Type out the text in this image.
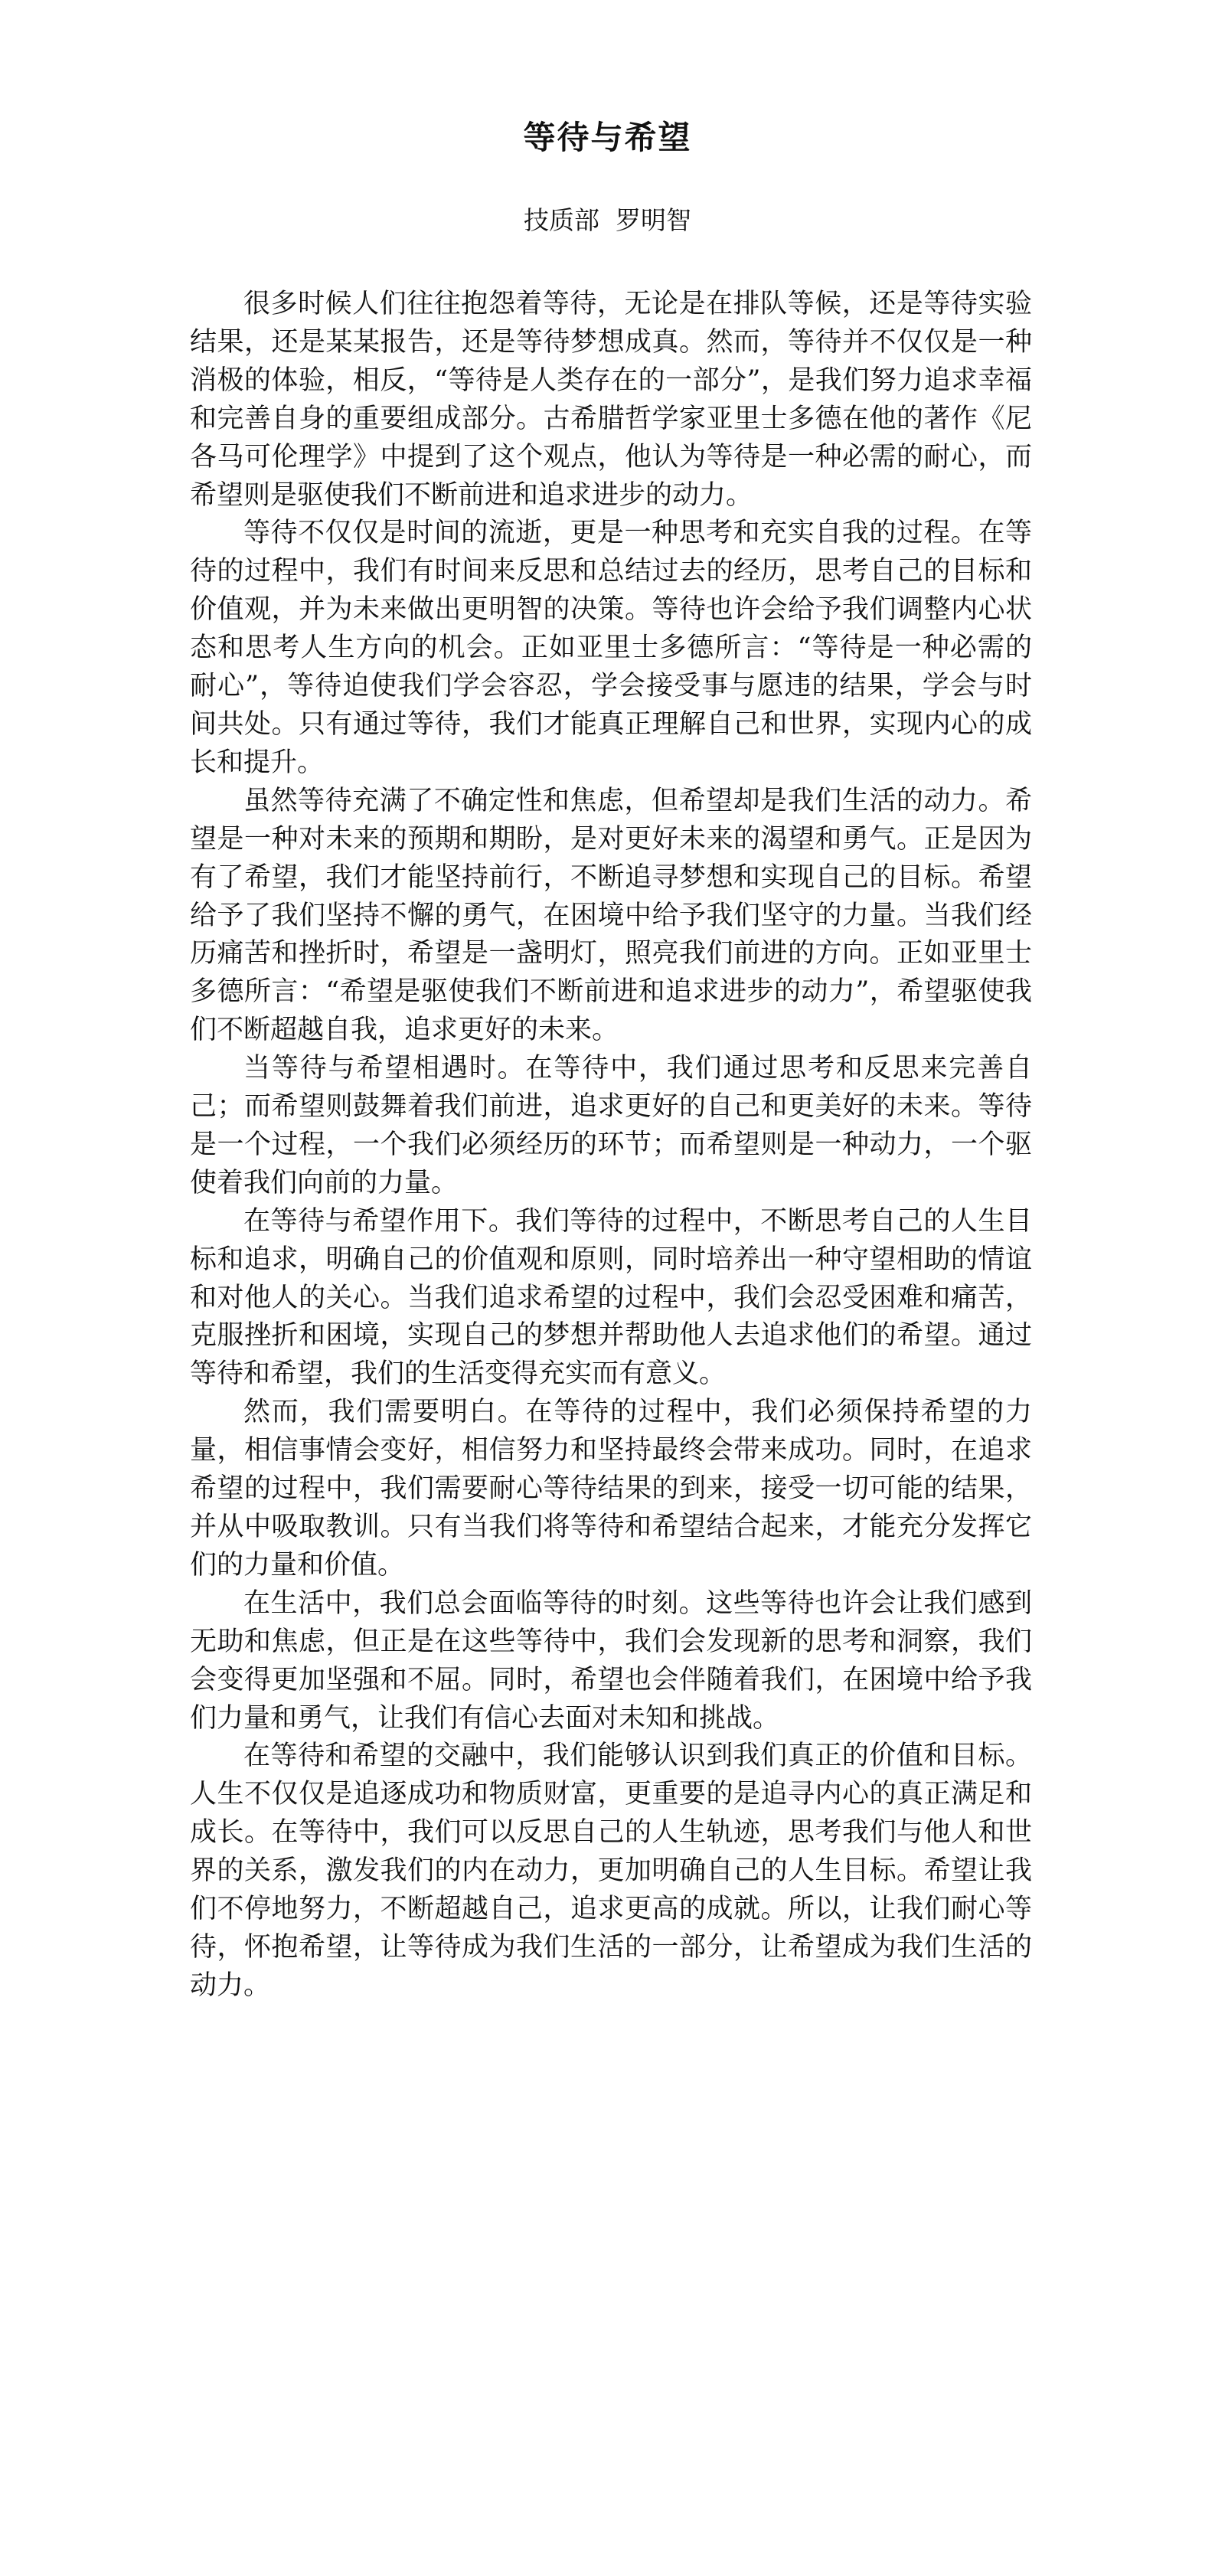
等待与希望
技质部  罗明智

很多时候人们往往抱怨着等待，无论是在排队等候，还是等待实验结果，还是某某报告，还是等待梦想成真。然而，等待并不仅仅是一种消极的体验，相反，“等待是人类存在的一部分”，是我们努力追求幸福和完善自身的重要组成部分。古希腊哲学家亚里士多德在他的著作《尼各马可伦理学》中提到了这个观点，他认为等待是一种必需的耐心，而希望则是驱使我们不断前进和追求进步的动力。

等待不仅仅是时间的流逝，更是一种思考和充实自我的过程。在等待的过程中，我们有时间来反思和总结过去的经历，思考自己的目标和价值观，并为未来做出更明智的决策。等待也许会给予我们调整内心状态和思考人生方向的机会。正如亚里士多德所言：“等待是一种必需的耐心”，等待迫使我们学会容忍，学会接受事与愿违的结果，学会与时间共处。只有通过等待，我们才能真正理解自己和世界，实现内心的成长和提升。

虽然等待充满了不确定性和焦虑，但希望却是我们生活的动力。希望是一种对未来的预期和期盼，是对更好未来的渴望和勇气。正是因为有了希望，我们才能坚持前行，不断追寻梦想和实现自己的目标。希望给予了我们坚持不懈的勇气，在困境中给予我们坚守的力量。当我们经历痛苦和挫折时，希望是一盏明灯，照亮我们前进的方向。正如亚里士多德所言：“希望是驱使我们不断前进和追求进步的动力”，希望驱使我们不断超越自我，追求更好的未来。

当等待与希望相遇时。在等待中，我们通过思考和反思来完善自己；而希望则鼓舞着我们前进，追求更好的自己和更美好的未来。等待是一个过程，一个我们必须经历的环节；而希望则是一种动力，一个驱使着我们向前的力量。

在等待与希望作用下。我们等待的过程中，不断思考自己的人生目标和追求，明确自己的价值观和原则，同时培养出一种守望相助的情谊和对他人的关心。当我们追求希望的过程中，我们会忍受困难和痛苦，克服挫折和困境，实现自己的梦想并帮助他人去追求他们的希望。通过等待和希望，我们的生活变得充实而有意义。

然而，我们需要明白。在等待的过程中，我们必须保持希望的力量，相信事情会变好，相信努力和坚持最终会带来成功。同时，在追求希望的过程中，我们需要耐心等待结果的到来，接受一切可能的结果，并从中吸取教训。只有当我们将等待和希望结合起来，才能充分发挥它们的力量和价值。

在生活中，我们总会面临等待的时刻。这些等待也许会让我们感到无助和焦虑，但正是在这些等待中，我们会发现新的思考和洞察，我们会变得更加坚强和不屈。同时，希望也会伴随着我们，在困境中给予我们力量和勇气，让我们有信心去面对未知和挑战。

在等待和希望的交融中，我们能够认识到我们真正的价值和目标。人生不仅仅是追逐成功和物质财富，更重要的是追寻内心的真正满足和成长。在等待中，我们可以反思自己的人生轨迹，思考我们与他人和世界的关系，激发我们的内在动力，更加明确自己的人生目标。希望让我们不停地努力，不断超越自己，追求更高的成就。所以，让我们耐心等待，怀抱希望，让等待成为我们生活的一部分，让希望成为我们生活的动力。
